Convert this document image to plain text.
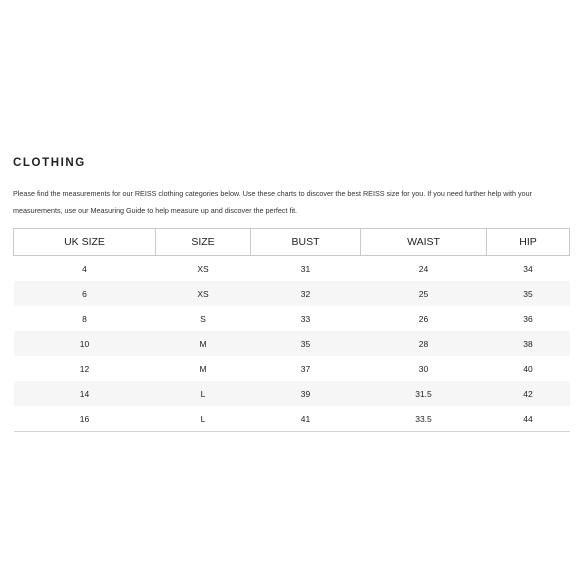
CLOTHING

Please find the measurements for our REISS clothing categories below. Use these charts to discover the best REISS size for you. If you need further help with your
measurements, use our Measuring Guide to help measure up and discover the perfect fit.

UK SIZE	SIZE	BUST	WAIST	HIP
4	XS	31	24	34
6	XS	32	25	35
8	S	33	26	36
10	M	35	28	38
12	M	37	30	40
14	L	39	31.5	42
16	L	41	33.5	44
